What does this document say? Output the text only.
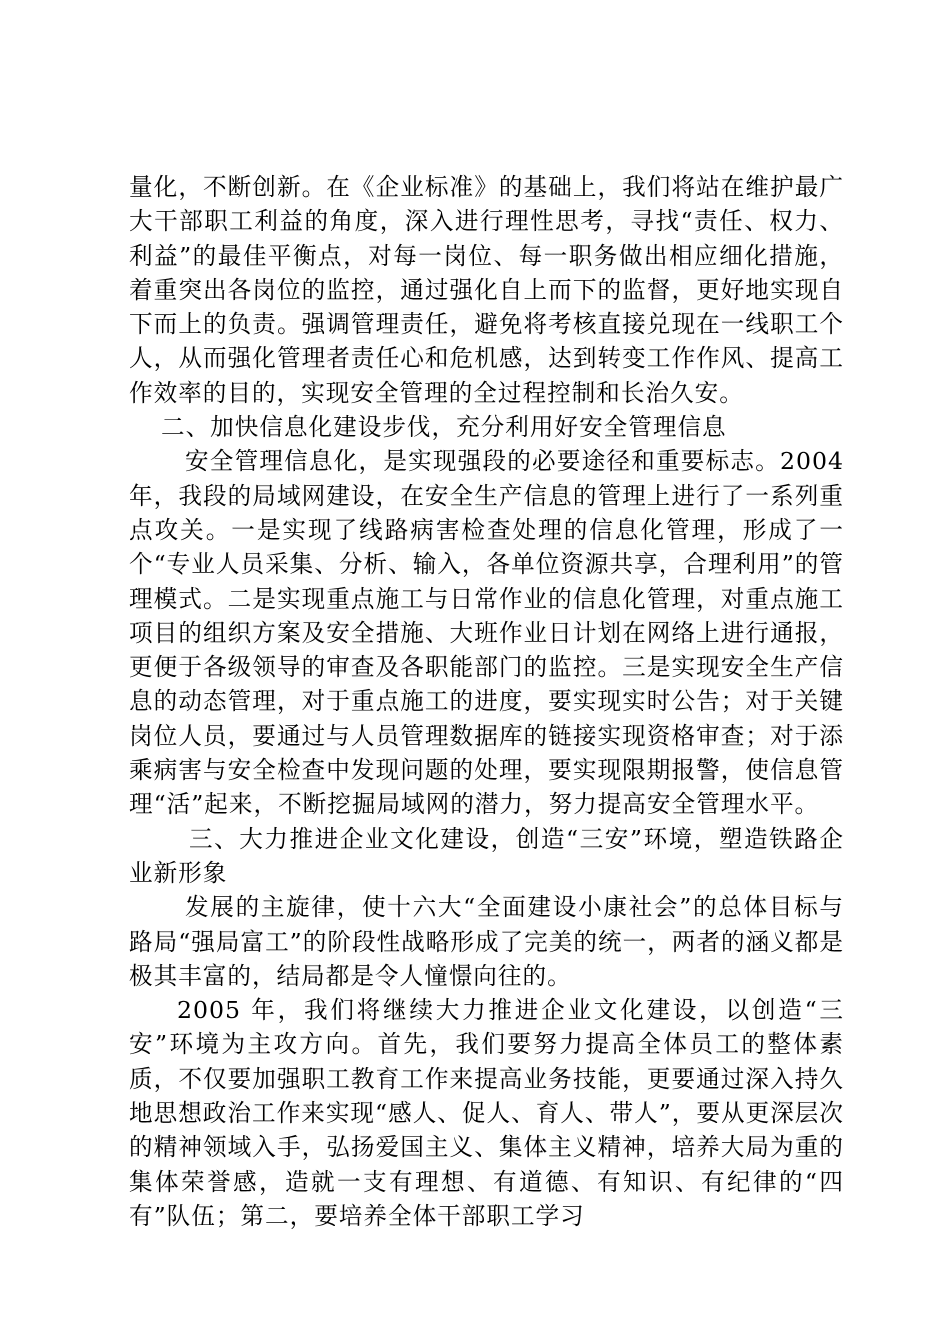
量化，不断创新。在《企业标准》的基础上，我们将站在维护最广大干部职工利益的角度，深入进行理性思考，寻找“责任、权力、利益”的最佳平衡点，对每一岗位、每一职务做出相应细化措施，着重突出各岗位的监控，通过强化自上而下的监督，更好地实现自下而上的负责。强调管理责任，避免将考核直接兑现在一线职工个人，从而强化管理者责任心和危机感，达到转变工作作风、提高工作效率的目的，实现安全管理的全过程控制和长治久安。

二、加快信息化建设步伐，充分利用好安全管理信息

安全管理信息化，是实现强段的必要途径和重要标志。2004 年，我段的局域网建设，在安全生产信息的管理上进行了一系列重点攻关。一是实现了线路病害检查处理的信息化管理，形成了一个“专业人员采集、分析、输入，各单位资源共享，合理利用”的管理模式。二是实现重点施工与日常作业的信息化管理，对重点施工项目的组织方案及安全措施、大班作业日计划在网络上进行通报，更便于各级领导的审查及各职能部门的监控。三是实现安全生产信息的动态管理，对于重点施工的进度，要实现实时公告；对于关键岗位人员，要通过与人员管理数据库的链接实现资格审查；对于添乘病害与安全检查中发现问题的处理，要实现限期报警，使信息管理“活”起来，不断挖掘局域网的潜力，努力提高安全管理水平。

三、大力推进企业文化建设，创造“三安”环境，塑造铁路企业新形象

发展的主旋律，使十六大“全面建设小康社会”的总体目标与路局“强局富工”的阶段性战略形成了完美的统一，两者的涵义都是极其丰富的，结局都是令人憧憬向往的。

2005 年，我们将继续大力推进企业文化建设，以创造“三安”环境为主攻方向。首先，我们要努力提高全体员工的整体素质，不仅要加强职工教育工作来提高业务技能，更要通过深入持久地思想政治工作来实现“感人、促人、育人、带人”，要从更深层次的精神领域入手，弘扬爱国主义、集体主义精神，培养大局为重的集体荣誉感，造就一支有理想、有道德、有知识、有纪律的“四有”队伍；第二，要培养全体干部职工学习
